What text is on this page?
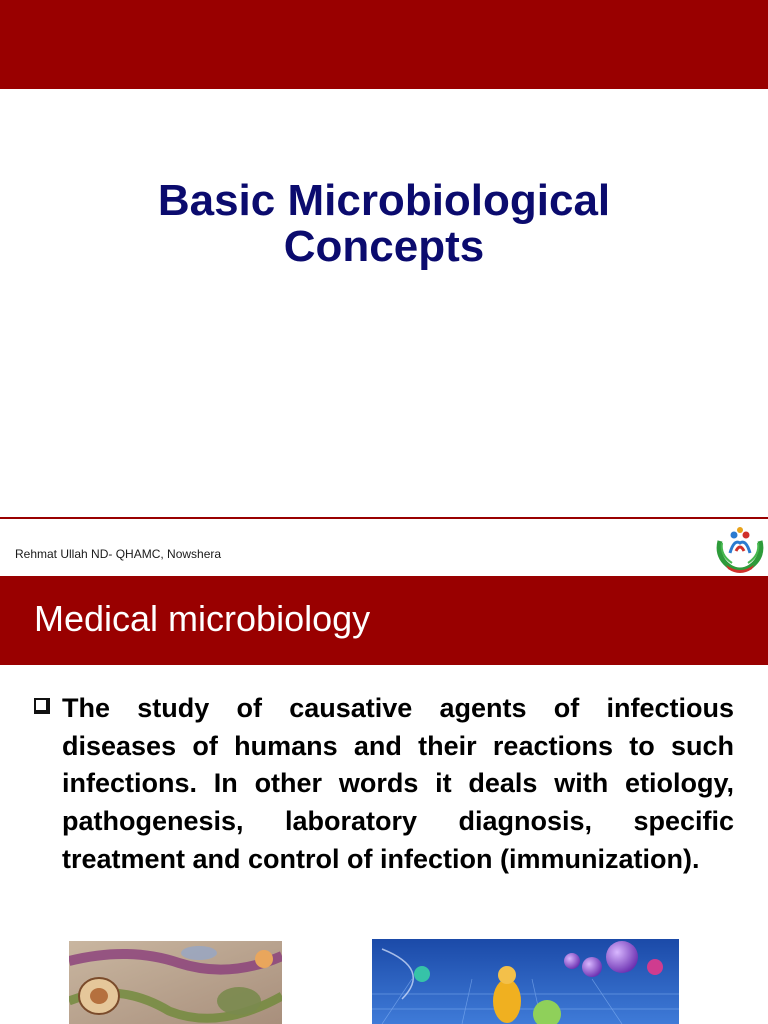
Basic Microbiological
Concepts
Rehmat Ullah ND- QHAMC, Nowshera
Medical microbiology
The study of causative agents of infectious diseases of humans and their reactions to such infections. In other words it deals with etiology, pathogenesis, laboratory diagnosis, specific treatment and control of infection (immunization).
